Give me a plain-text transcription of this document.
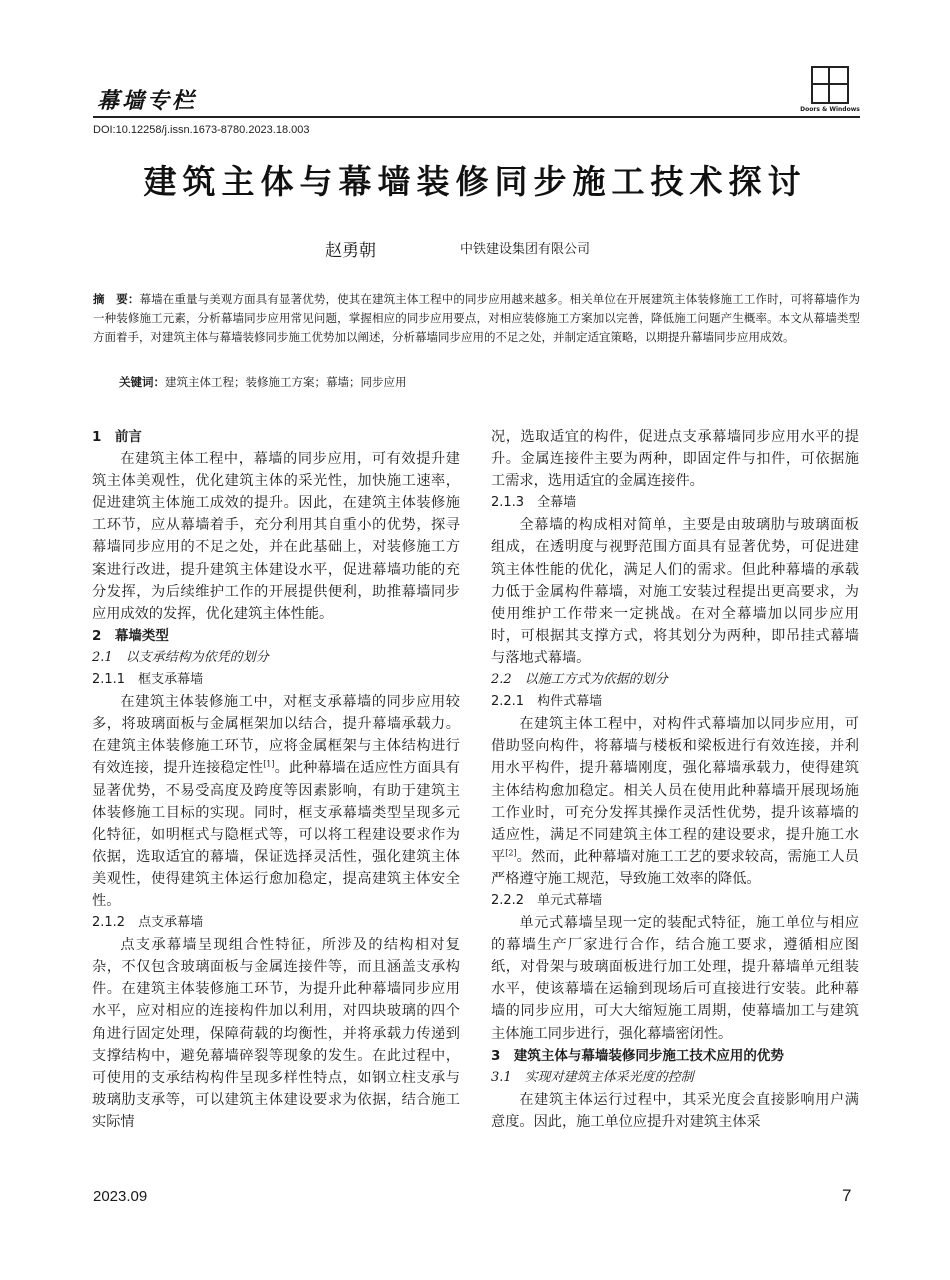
幕墙专栏	Doors & Windows
DOI:10.12258/j.issn.1673-8780.2023.18.003
建筑主体与幕墙装修同步施工技术探讨
赵勇朝	中铁建设集团有限公司
摘　要：幕墙在重量与美观方面具有显著优势，使其在建筑主体工程中的同步应用越来越多。相关单位在开展建筑主体装修施工工作时，可将幕墙作为一种装修施工元素，分析幕墙同步应用常见问题，掌握相应的同步应用要点，对相应装修施工方案加以完善，降低施工问题产生概率。本文从幕墙类型方面着手，对建筑主体与幕墙装修同步施工优势加以阐述，分析幕墙同步应用的不足之处，并制定适宜策略，以期提升幕墙同步应用成效。
关键词：建筑主体工程；装修施工方案；幕墙；同步应用

1　前言

在建筑主体工程中，幕墙的同步应用，可有效提升建筑主体美观性，优化建筑主体的采光性，加快施工速率，促进建筑主体施工成效的提升。因此，在建筑主体装修施工环节，应从幕墙着手，充分利用其自重小的优势，探寻幕墙同步应用的不足之处，并在此基础上，对装修施工方案进行改进，提升建筑主体建设水平，促进幕墙功能的充分发挥，为后续维护工作的开展提供便利，助推幕墙同步应用成效的发挥，优化建筑主体性能。

2　幕墙类型

2.1　以支承结构为依凭的划分

2.1.1　框支承幕墙

在建筑主体装修施工中，对框支承幕墙的同步应用较多，将玻璃面板与金属框架加以结合，提升幕墙承载力。在建筑主体装修施工环节，应将金属框架与主体结构进行有效连接，提升连接稳定性[1]。此种幕墙在适应性方面具有显著优势，不易受高度及跨度等因素影响，有助于建筑主体装修施工目标的实现。同时，框支承幕墙类型呈现多元化特征，如明框式与隐框式等，可以将工程建设要求作为依据，选取适宜的幕墙，保证选择灵活性，强化建筑主体美观性，使得建筑主体运行愈加稳定，提高建筑主体安全性。

2.1.2　点支承幕墙

点支承幕墙呈现组合性特征，所涉及的结构相对复杂，不仅包含玻璃面板与金属连接件等，而且涵盖支承构件。在建筑主体装修施工环节，为提升此种幕墙同步应用水平，应对相应的连接构件加以利用，对四块玻璃的四个角进行固定处理，保障荷载的均衡性，并将承载力传递到支撑结构中，避免幕墙碎裂等现象的发生。在此过程中，可使用的支承结构构件呈现多样性特点，如钢立柱支承与玻璃肋支承等，可以建筑主体建设要求为依据，结合施工实际情

况，选取适宜的构件，促进点支承幕墙同步应用水平的提升。金属连接件主要为两种，即固定件与扣件，可依据施工需求，选用适宜的金属连接件。

2.1.3　全幕墙

全幕墙的构成相对简单，主要是由玻璃肋与玻璃面板组成，在透明度与视野范围方面具有显著优势，可促进建筑主体性能的优化，满足人们的需求。但此种幕墙的承载力低于金属构件幕墙，对施工安装过程提出更高要求，为使用维护工作带来一定挑战。在对全幕墙加以同步应用时，可根据其支撑方式，将其划分为两种，即吊挂式幕墙与落地式幕墙。

2.2　以施工方式为依据的划分

2.2.1　构件式幕墙

在建筑主体工程中，对构件式幕墙加以同步应用，可借助竖向构件，将幕墙与楼板和梁板进行有效连接，并利用水平构件，提升幕墙刚度，强化幕墙承载力，使得建筑主体结构愈加稳定。相关人员在使用此种幕墙开展现场施工作业时，可充分发挥其操作灵活性优势，提升该幕墙的适应性，满足不同建筑主体工程的建设要求，提升施工水平[2]。然而，此种幕墙对施工工艺的要求较高，需施工人员严格遵守施工规范，导致施工效率的降低。

2.2.2　单元式幕墙

单元式幕墙呈现一定的装配式特征，施工单位与相应的幕墙生产厂家进行合作，结合施工要求，遵循相应图纸，对骨架与玻璃面板进行加工处理，提升幕墙单元组装水平，使该幕墙在运输到现场后可直接进行安装。此种幕墙的同步应用，可大大缩短施工周期，使幕墙加工与建筑主体施工同步进行，强化幕墙密闭性。

3　建筑主体与幕墙装修同步施工技术应用的优势

3.1　实现对建筑主体采光度的控制

在建筑主体运行过程中，其采光度会直接影响用户满意度。因此，施工单位应提升对建筑主体采

2023.09	7
